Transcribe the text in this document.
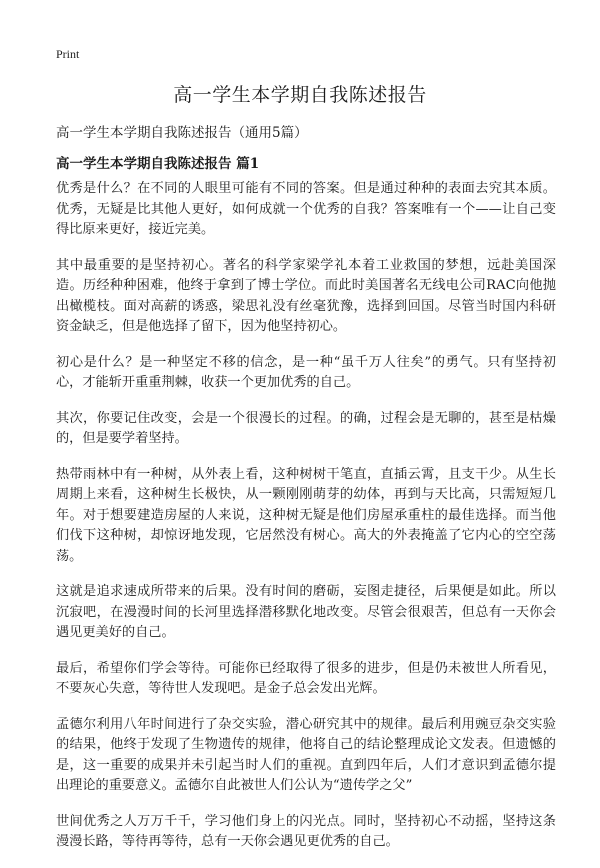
Print
高一学生本学期自我陈述报告
高一学生本学期自我陈述报告（通用5篇）
高一学生本学期自我陈述报告 篇1

优秀是什么？在不同的人眼里可能有不同的答案。但是通过种种的表面去究其本质。优秀，无疑是比其他人更好，如何成就一个优秀的自我？答案唯有一个——让自己变得比原来更好，接近完美。

其中最重要的是坚持初心。著名的科学家梁学礼本着工业救国的梦想，远赴美国深造。历经种种困难，他终于拿到了博士学位。而此时美国著名无线电公司RAC向他抛出橄榄枝。面对高薪的诱惑，梁思礼没有丝毫犹豫，选择到回国。尽管当时国内科研资金缺乏，但是他选择了留下，因为他坚持初心。

初心是什么？是一种坚定不移的信念，是一种“虽千万人往矣”的勇气。只有坚持初心，才能斩开重重荆棘，收获一个更加优秀的自己。

其次，你要记住改变，会是一个很漫长的过程。的确，过程会是无聊的，甚至是枯燥的，但是要学着坚持。

热带雨林中有一种树，从外表上看，这种树树干笔直，直插云霄，且支干少。从生长周期上来看，这种树生长极快，从一颗刚刚萌芽的幼体，再到与天比高，只需短短几年。对于想要建造房屋的人来说，这种树无疑是他们房屋承重柱的最佳选择。而当他们伐下这种树，却惊讶地发现，它居然没有树心。高大的外表掩盖了它内心的空空荡荡。

这就是追求速成所带来的后果。没有时间的磨砺，妄图走捷径，后果便是如此。所以沉寂吧，在漫漫时间的长河里选择潜移默化地改变。尽管会很艰苦，但总有一天你会遇见更美好的自己。

最后，希望你们学会等待。可能你已经取得了很多的进步，但是仍未被世人所看见，不要灰心失意，等待世人发现吧。是金子总会发出光辉。

孟德尔利用八年时间进行了杂交实验，潜心研究其中的规律。最后利用豌豆杂交实验的结果，他终于发现了生物遗传的规律，他将自己的结论整理成论文发表。但遗憾的是，这一重要的成果并未引起当时人们的重视。直到四年后，人们才意识到孟德尔提出理论的重要意义。孟德尔自此被世人们公认为“遗传学之父”

世间优秀之人万万千千，学习他们身上的闪光点。同时，坚持初心不动摇，坚持这条漫漫长路，等待再等待，总有一天你会遇见更优秀的自己。
